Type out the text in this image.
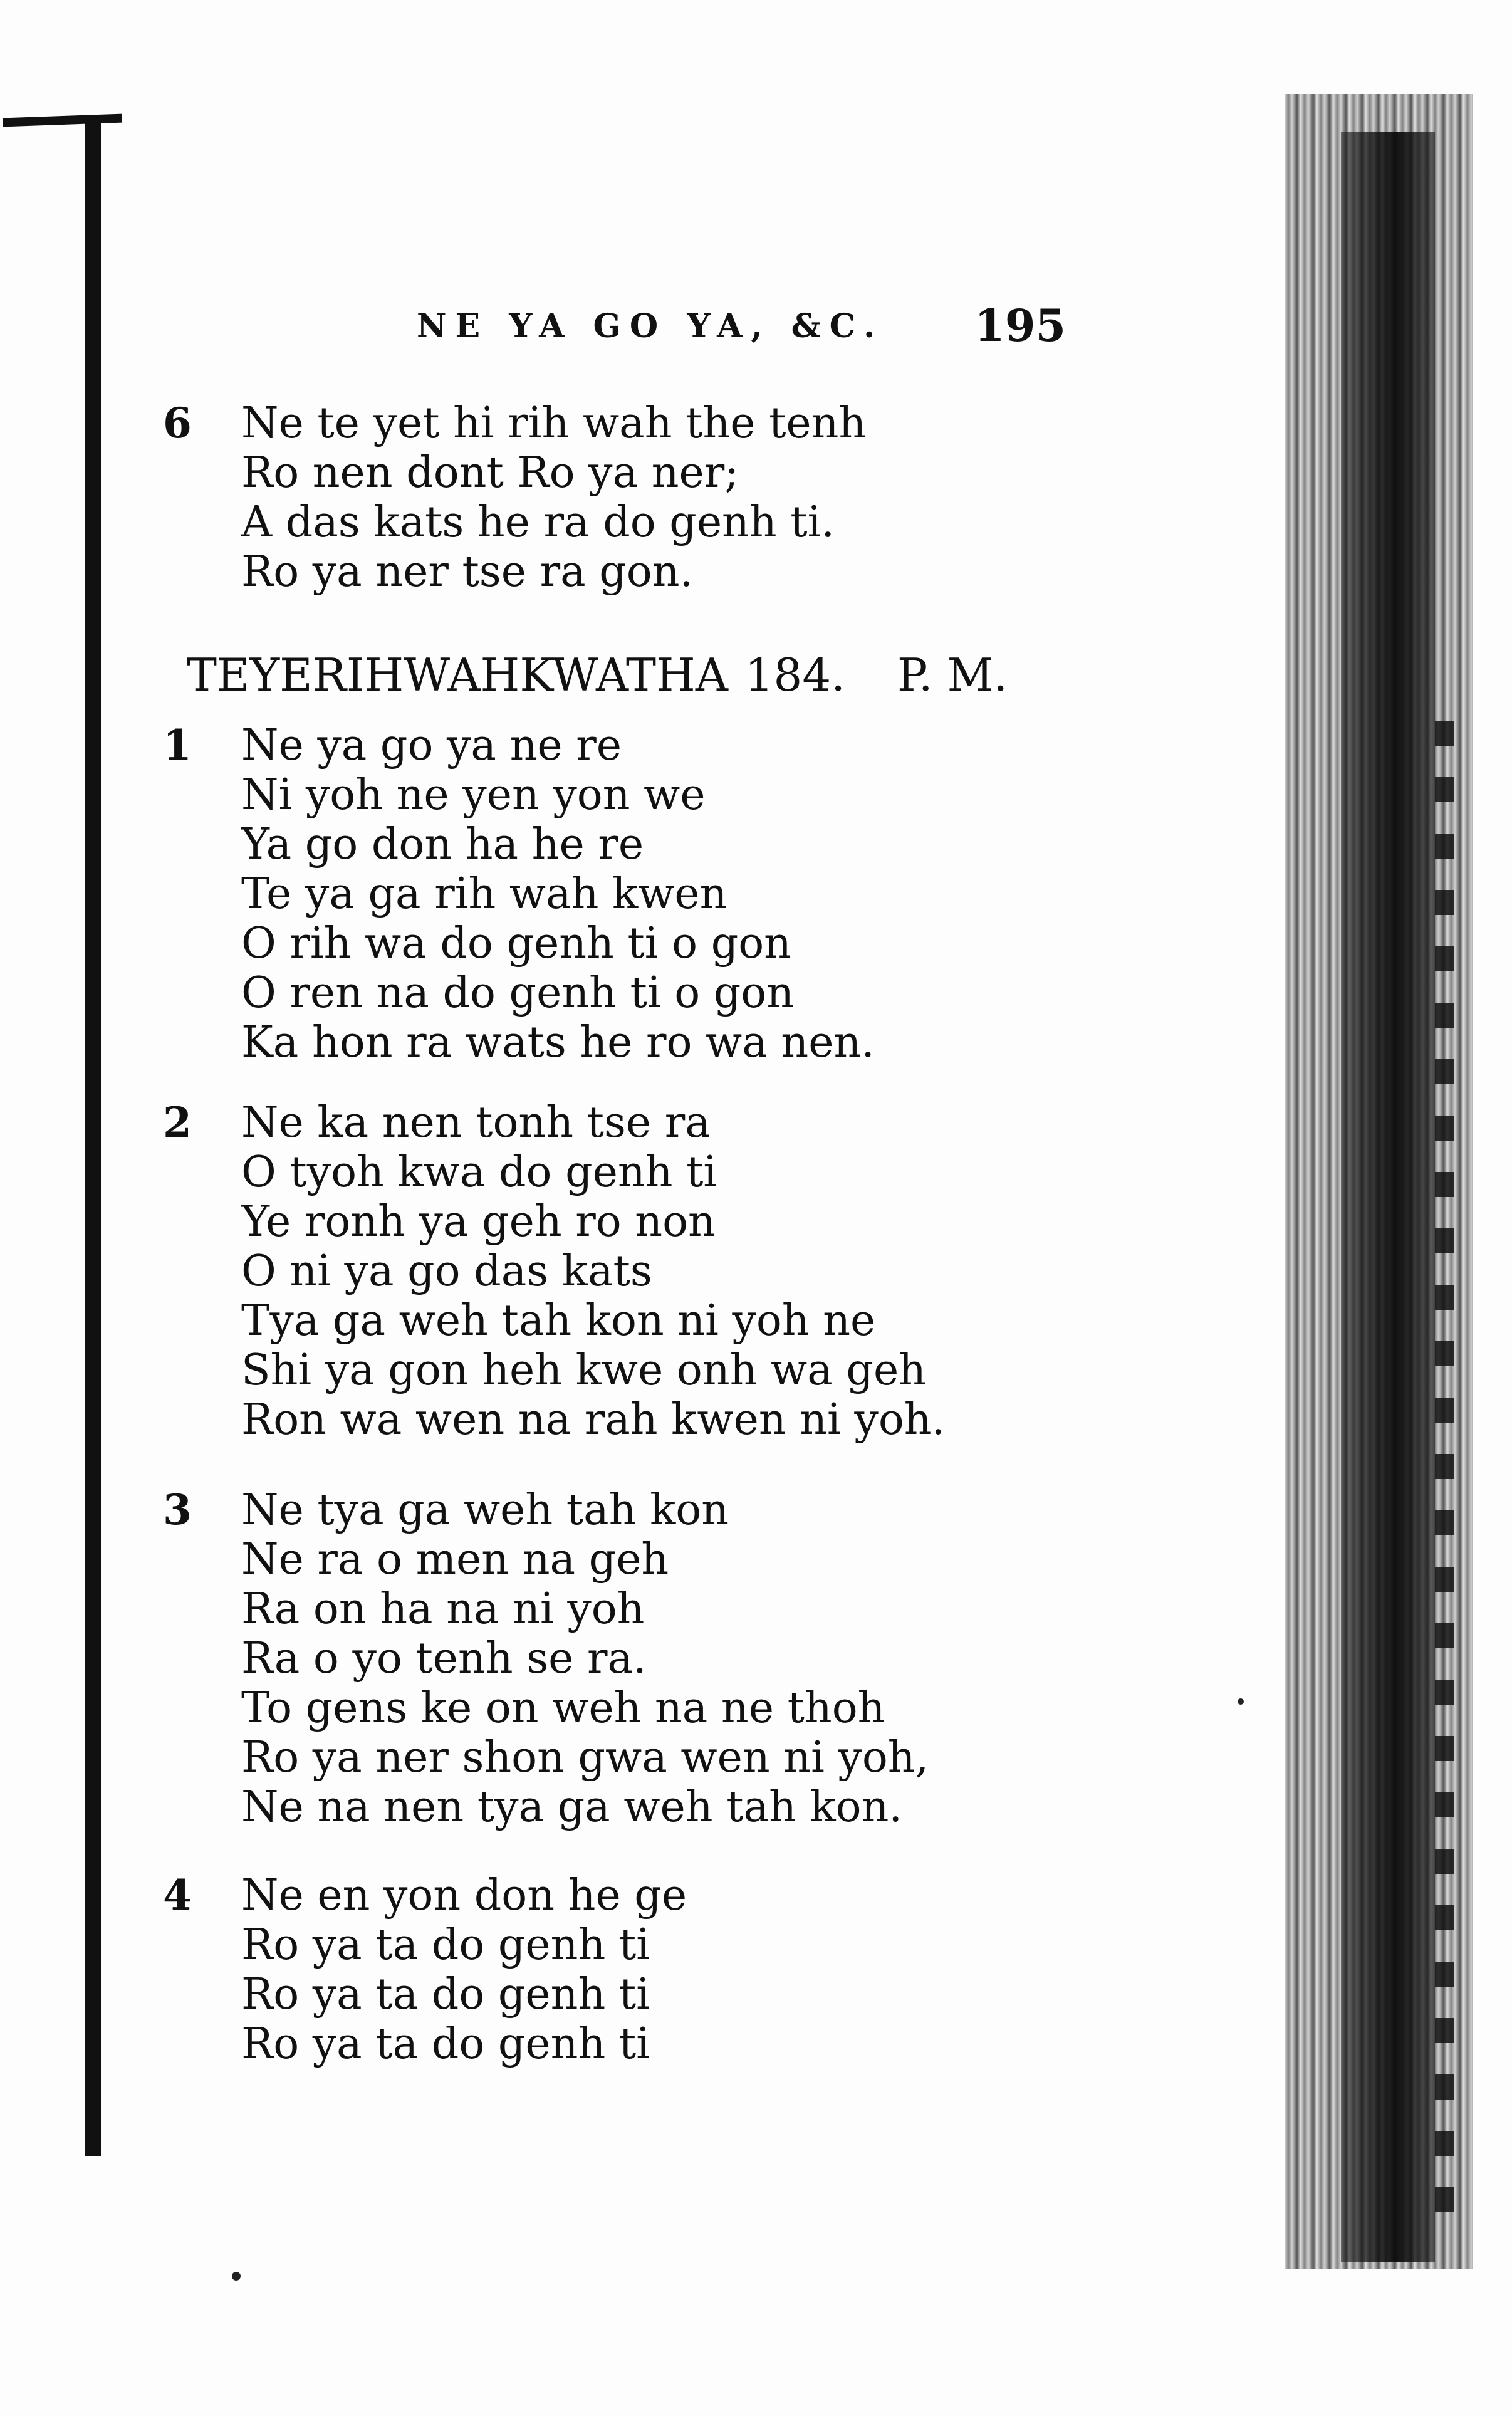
NE YA GO YA, &C. 195
6 Ne te yet hi rih wah the tenh
Ro nen dont Ro ya ner;
A das kats he ra do genh ti.
Ro ya ner tse ra gon.
TEYERIHWAHKWATHA 184. P. M.
1 Ne ya go ya ne re
Ni yoh ne yen yon we
Ya go don ha he re
Te ya ga rih wah kwen
O rih wa do genh ti o gon
O ren na do genh ti o gon
Ka hon ra wats he ro wa nen.
2 Ne ka nen tonh tse ra
O tyoh kwa do genh ti
Ye ronh ya geh ro non
O ni ya go das kats
Tya ga weh tah kon ni yoh ne
Shi ya gon heh kwe onh wa geh
Ron wa wen na rah kwen ni yoh.
3 Ne tya ga weh tah kon
Ne ra o men na geh
Ra on ha na ni yoh
Ra o yo tenh se ra.
To gens ke on weh na ne thoh
Ro ya ner shon gwa wen ni yoh,
Ne na nen tya ga weh tah kon.
4 Ne en yon don he ge
Ro ya ta do genh ti
Ro ya ta do genh ti
Ro ya ta do genh ti
